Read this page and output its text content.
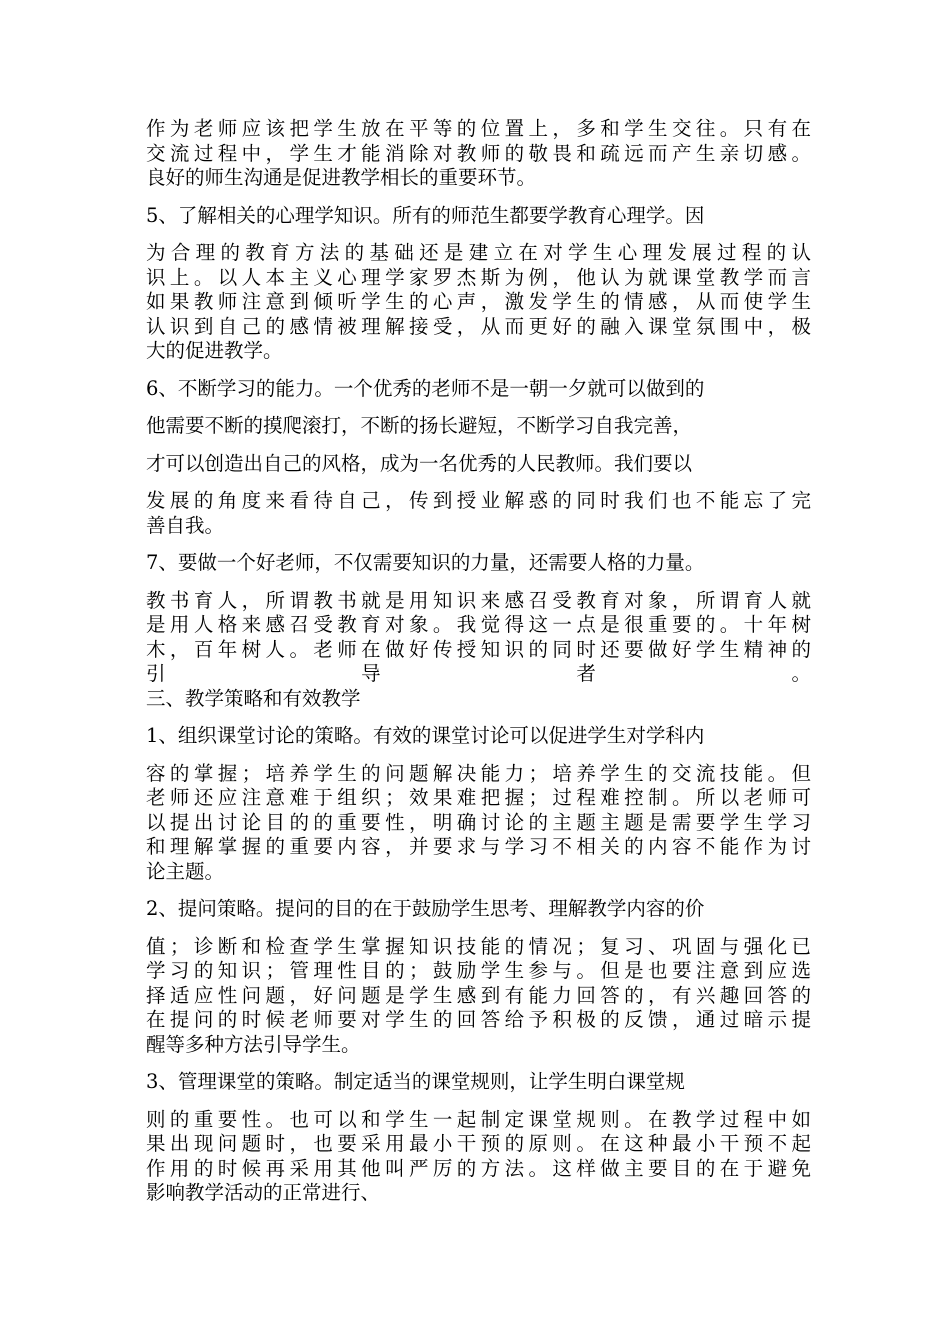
作为老师应该把学生放在平等的位置上，多和学生交往。只有在
交流过程中，学生才能消除对教师的敬畏和疏远而产生亲切感。
良好的师生沟通是促进教学相长的重要环节。
5、了解相关的心理学知识。所有的师范生都要学教育心理学。因
为合理的教育方法的基础还是建立在对学生心理发展过程的认
识上。以人本主义心理学家罗杰斯为例，他认为就课堂教学而言
如果教师注意到倾听学生的心声，激发学生的情感，从而使学生
认识到自己的感情被理解接受，从而更好的融入课堂氛围中，极
大的促进教学。
6、不断学习的能力。一个优秀的老师不是一朝一夕就可以做到的
他需要不断的摸爬滚打，不断的扬长避短，不断学习自我完善，
才可以创造出自己的风格，成为一名优秀的人民教师。我们要以
发展的角度来看待自己，传到授业解惑的同时我们也不能忘了完
善自我。
7、要做一个好老师，不仅需要知识的力量，还需要人格的力量。
教书育人，所谓教书就是用知识来感召受教育对象，所谓育人就
是用人格来感召受教育对象。我觉得这一点是很重要的。十年树
木，百年树人。老师在做好传授知识的同时还要做好学生精神的
引导者。
三、教学策略和有效教学
1、组织课堂讨论的策略。有效的课堂讨论可以促进学生对学科内
容的掌握；培养学生的问题解决能力；培养学生的交流技能。但
老师还应注意难于组织；效果难把握；过程难控制。所以老师可
以提出讨论目的的重要性，明确讨论的主题主题是需要学生学习
和理解掌握的重要内容，并要求与学习不相关的内容不能作为讨
论主题。
2、提问策略。提问的目的在于鼓励学生思考、理解教学内容的价
值；诊断和检查学生掌握知识技能的情况；复习、巩固与强化已
学习的知识；管理性目的；鼓励学生参与。但是也要注意到应选
择适应性问题，好问题是学生感到有能力回答的，有兴趣回答的
在提问的时候老师要对学生的回答给予积极的反馈，通过暗示提
醒等多种方法引导学生。
3、管理课堂的策略。制定适当的课堂规则，让学生明白课堂规
则的重要性。也可以和学生一起制定课堂规则。在教学过程中如
果出现问题时，也要采用最小干预的原则。在这种最小干预不起
作用的时候再采用其他叫严厉的方法。这样做主要目的在于避免
影响教学活动的正常进行、
